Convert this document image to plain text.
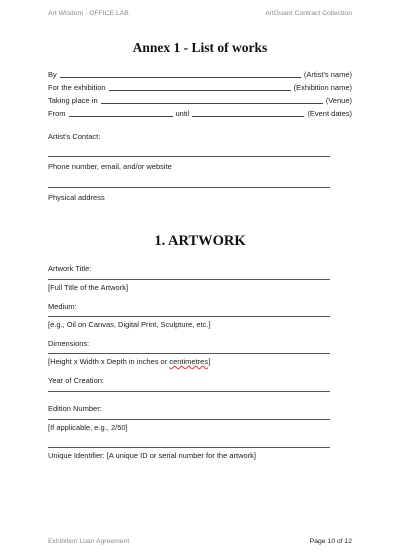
Art Wisdom - OFFICE LAB	ArtGuard Contract Collection
Annex 1 - List of works
By	(Artist's name)
For the exhibition	(Exhibition name)
Taking place in	(Venue)
From	until	(Event dates)
Artist's Contact:
Phone number, email, and/or website
Physical address
1. ARTWORK
Artwork Title:
[Full Title of the Artwork]
Medium:
[e.g., Oil on Canvas, Digital Print, Sculpture, etc.]
Dimensions:
[Height x Width x Depth in inches or centimetres]
Year of Creation:
Edition Number:
[If applicable, e.g., 2/50]
Unique Identifier: [A unique ID or serial number for the artwork]
Exhibition Loan Agreement	Page 10 of 12
